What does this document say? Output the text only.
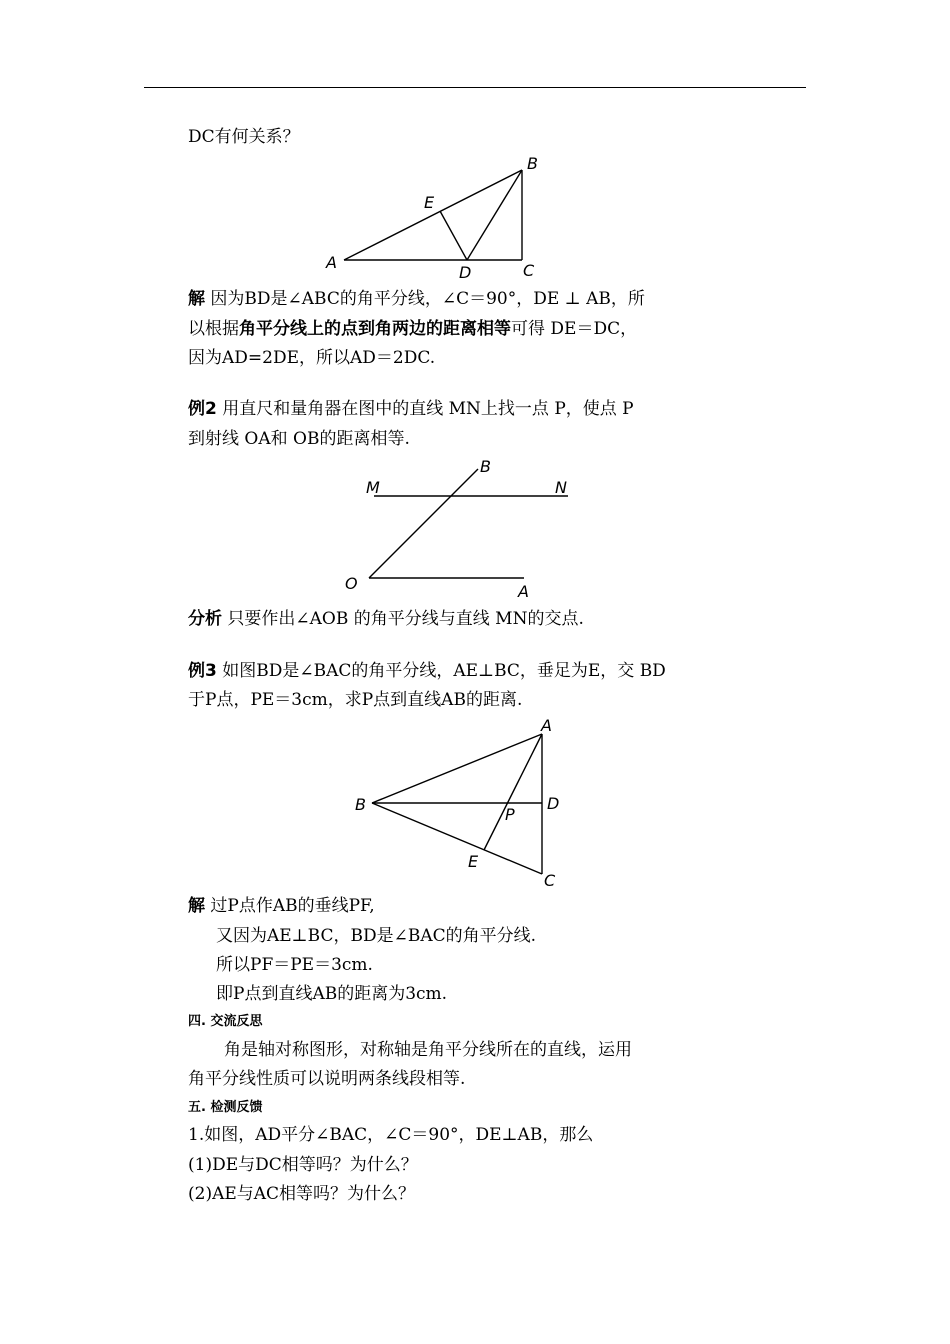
DC有何关系？
A
B
C
D
E
解 因为BD是∠ABC的角平分线，∠C＝90°，DE ⊥ AB，所
以根据角平分线上的点到角两边的距离相等可得 DE＝DC，
因为AD=2DE，所以AD＝2DC.
例2 用直尺和量角器在图中的直线 MN上找一点 P，使点 P
到射线 OA和 OB的距离相等.
M	N
B
O	A
分析 只要作出∠AOB 的角平分线与直线 MN的交点.
例3 如图BD是∠BAC的角平分线，AE⊥BC，垂足为E，交 BD
于P点，PE＝3cm，求P点到直线AB的距离.
A
B
C
D
E
P
解 过P点作AB的垂线PF,
又因为AE⊥BC，BD是∠BAC的角平分线.
所以PF＝PE＝3cm.
即P点到直线AB的距离为3cm.
四. 交流反思
角是轴对称图形，对称轴是角平分线所在的直线，运用
角平分线性质可以说明两条线段相等.
五. 检测反馈
1.如图，AD平分∠BAC，∠C＝90°，DE⊥AB，那么
(1)DE与DC相等吗？为什么？
(2)AE与AC相等吗？为什么？
